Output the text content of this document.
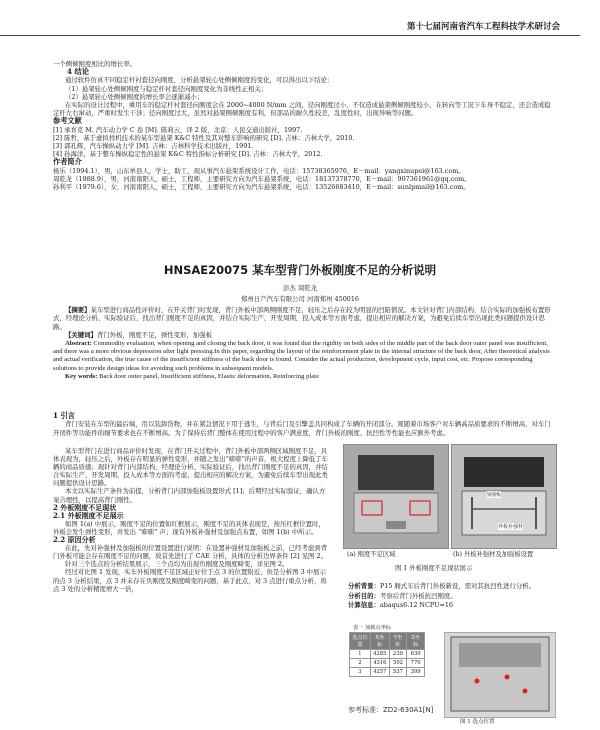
第十七届河南省汽车工程科技学术研讨会

一个侧倾刚度相比的增长率。

4 结论

通过软件仿真不同稳定杆衬套径向刚度，分析悬架轮心处侧倾刚度的变化，可以得出以下结论：

（1）悬架轮心处侧倾刚度与稳定杆衬套径向刚度变化为非线性正相关；

（2）悬架轮心处侧倾刚度的增长率会逐渐减小；

在实际的设计过程中，乘用车的稳定杆衬套径向刚度会在 2000~4000 N/mm 之间，径向刚度过小，不仅造成悬架侧倾刚度较小，在转向等工况下车身不稳定，还会造成稳定杆左右窜动，严重时发生干涉；径向刚度过大，虽然对悬架侧倾刚度有利，但部品的耐久性较差，乱度性时，出现异响等问题。

参考文献

[1] 承育克 M. 汽车动力学 C 卷 [M]. 陈莉云，译 2 版，北京：人民交通出版社，1997.

[2] 陈哲，基于虚拟样机技术的某车型悬架 K&C 特性及其对整车影响的研究 [D]. 吉林：吉林大学，2010.

[3] 郭孔辉，汽车操纵动力学 [M]. 吉林：吉林科学技术出版社，1991.

[4] 孙海洋，基于整车操纵稳定性的悬架 K&C 特性指标分析研究 [D]. 吉林：吉林大学，2012.

作者简介

杨乐（1994.1），男，山东单县人，学士，助工，现从事汽车悬架系统设计工作，电话：15738365976，E－mail：yangxinupei@163.com。

周乾龙（1988.9），男，河南南阳人，硕士，工程师，主要研究方向为汽车悬架系统，电话：18137378770，E－mail：907361961@qq.com。

孙利平（1979.6），女，河南南阳人，硕士，工程师，主要研究方向为汽车悬架系统，电话：13526683410，E－mail：sunlpmail@163.com。

HNSAE20075 某车型背门外板刚度不足的分析说明
彭杰 周乾龙
郑州日产汽车有限公司 河南郑州 450016

【摘要】某车型进行商品性评价时，在开关背门时发现，背门外板中部两侧刚度不足，轻压之后存在较为明显的凹陷情况。本文针对背门内部结构，结合实际的加强板布置形式，经理论分析、实际验证后，找出背门刚度不足的真因，并结合实际生产、开发周期，投入成本等方面考虑，提出相应的解决方案，为避免后续车型出现此类问题提供设计思路。

【关键词】背门外板，刚度不足，弹性变形，加强板

Abstract: Commodity evaluation, when opening and closing the back door, it was found that the rigidity on both sides of the middle part of the back door outer panel was insufficient, and there was a more obvious depression after light pressing.In this paper, regarding the layout of the reinforcement plate in the internal structure of the back door, After theoretical analysis and actual verification, the true cause of the insufficient stiffness of the back door is found. Consider the actual production, development cycle, input cost, etc. Propose corresponding solutions to provide design ideas for avoiding such problems in subsequent models.

Key words: Back door outer panel, Insufficient stiffness, Elastic deformation, Reinforcing plate

1 引言

背门安装在车型的最后端，用以装卸货物，并在紧急情况下用于逃生，与背后门及引擎盖共同构成了车辆的开闭部分。观随着市场客户对车辆高品质要求的不断增高，对车门开闭件等功能件的细节要求也在不断增高。为了保持后背门整体在使用过程中的客户满意度，背门外板的刚度、抗凹性等性能也应额外考虑。

某车型背门在进行商品评价时发现，在背门开关过程中，背门外板中部两侧区域刚度不足，具体表现为，轻压之后，外板存在明显的弹性变形，并随之发出“嘭嘭”的声音，极大程度上降低了车辆的商品质感；现针对背门内部结构，经理论分析、实际验证后，找出背门刚度不足的真因，并结合实际生产、开发周期、投入成本等方面的考虑，提出相应的解决方案，为避免后续车型出现此类问题提供设计思路。

本文以实际生产条件为前提，分析背门内部加强板设置形式 [1]；后期经过实际验证，确认方案合理性，以提高背门刚性。

2 外板刚度不足现状

2.1 外板刚度不足展示

如图 1(a) 中展示，刚度不足的位置如红框展示，刚度不足的具体表现是，按压红框位置时，外板会发生弹性变形，并发出 “嘭嘭” 声；现有外板补强材及加强点布置，如图 1(b) 中所示。

2.2 原因分析

在此，先对补强材及加强板的位置设置进行说明：在设置补强材及加强板之前，已经考虑到背门外板可能会存在刚度不足的问题，故首先进行了 CAE 分析，具体的分析边界条件 [2] 见图 2。

针对三个选点的分析结果展示，三个点均为出现负刚度及刚度畸变，详见图 2。

经过对比图 1 发现，实车外板刚度不足区域正好位于点 3 的位置附近，但是分析图 3 中展示的点 3 分析结果，点 3 并未存在负刚度及刚度畸变的问题，基于此点，对 3 点进行重点分析，将点 3 处的分析精度增大一倍，

加强板
外板补强材
(a) 刚度不足区域	(b) 外板补强材及加强板设置
图 1 外板刚度不足现状展示
分析背景：P15 厢式车后背门外板新设，需对其抗凹性进行分析。
分析目的：考察后背门外板抗凹刚度。
计算信息：abaqus6.12 NCPU=16
表一 加载点坐标
选点位置	X坐标	Y坐标	Z坐标
1	4285	239	639
2	4316	592	770
3	4257	537	399
图 1 选点位置
参考标准：ZD2-630A1[N]
